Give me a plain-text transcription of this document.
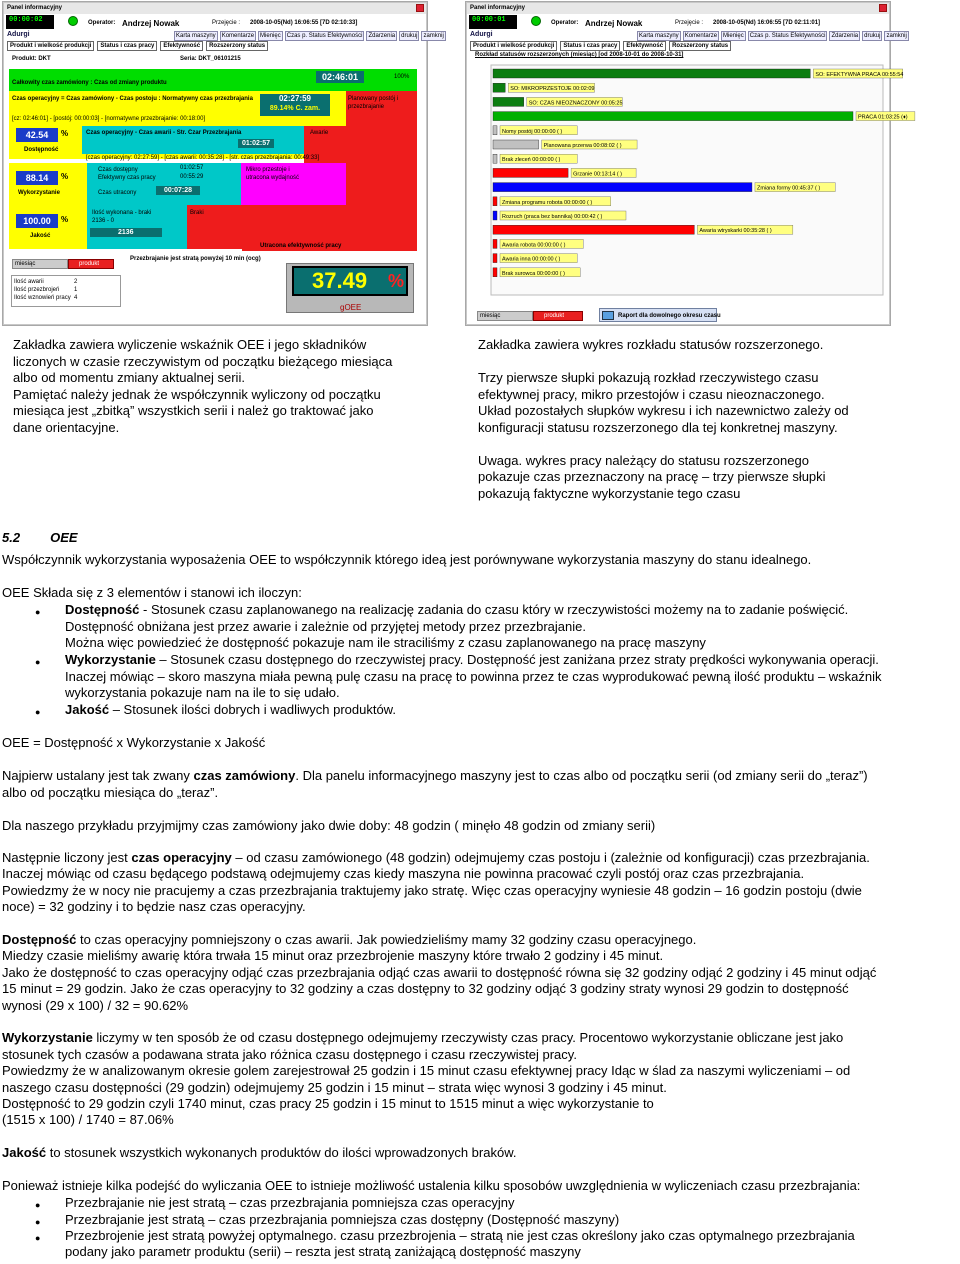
Panel informacyjny
00:00:02
zlr: 4
Operator: Andrzej Nowak	Przejęcie : 2008-10-05(Nd) 16:06:55 [7D 02:10:33]
Adurgi	Karta maszyny	Komentarze	Mienięc	Czas p. Status Efektywności	Zdarzenia	drukuj	zamknij
Produkt i wielkość produkcji	Status i czas pracy	Efektywność	Rozszerzony status
Produkt: DKT	Seria: DKT_06101215
Całkowity czas zamówiony : Czas od zmiany produktu
02:46:01	100%
Czas operacyjny = Czas zamówiony - Czas postoju : Normatywny czas przezbrajania	02:27:59
89.14% C. zam.
Planowany postój i przezbrajanie
[cz: 02:46:01] - [postój: 00:00:03] - [normatywne przezbrajanie: 00:18:00]
42.54	%
Dostępność
Czas operacyjny - Czas awarii - Str. Czar Przezbrajania
01:02:57
Awarie
[czas operacyjny: 02:27:59] - [czas awarii: 00:35:28] - [str. czas przezbrajania: 00:49:33]
88.14	%
Wykorzystanie
Czas dostępny	01:02:57
Efektywny czas pracy	00:55:29
Czas utracony	00:07:28
Mikro przestoje i utracona wydajność
100.00	%
Jakość
Ilość wykonana - braki
2136 - 0
2136
Braki
Utracona efektywność pracy
miesiąc	produkt
Przezbrajanie jest stratą powyżej 10 min (ocg)
Ilość awarii	2
Ilość przezbrojeń 1
Ilość wznowień pracy 4
37.49 %
gOEE
Panel informacyjny
00:00:01
zlr: 4
Operator: Andrzej Nowak	Przejęcie : 2008-10-05(Nd) 16:06:55 [7D 02:11:01]
Adurgi	Karta maszyny	Komentarze	Mienięc	Czas p. Status Efektywności	Zdarzenia	drukuj	zamknij
Produkt i wielkość produkcji	Status i czas pracy	Efektywność	Rozszerzony status
Rozkład statusów rozszerzonych (miesiąc) [od 2008-10-01 do 2008-10-31]
SO: EFEKTYWNA PRACA 00:55:54
SO: MIKROPRZESTOJE 00:02:09
SO: CZAS NIEOZNACZONY 00:05:25
PRACA 01:03:25 (♦)
Nomy postój 00:00:00 ( )
Planowana przerwa 00:08:02 ( )
Brak zleceń 00:00:00 ( )
Grzanie 00:13:14 ( )
Zmiana formy 00:45:37 ( )
Zmiana programu robota 00:00:00 ( )
Rozruch (praca bez bannika) 00:00:42 ( )
Awaria wtryskarki 00:35:28 ( )
Awaria robota 00:00:00 ( )
Awaria inna 00:00:00 ( )
Brak surowca 00:00:00 ( )
miesiąc	produkt	Raport dla dowolnego okresu czasu
Zakładka zawiera wyliczenie wskaźnik OEE i jego składników
liczonych w czasie rzeczywistym od początku bieżącego miesiąca
albo od momentu zmiany aktualnej serii.
Pamiętać należy jednak że współczynnik wyliczony od początku
miesiąca jest „zbitką” wszystkich serii i należ go traktować jako
dane orientacyjne.
Zakładka zawiera wykres rozkładu statusów rozszerzonego.
Trzy pierwsze słupki pokazują rozkład rzeczywistego czasu
efektywnej pracy, mikro przestojów i czasu nieoznaczonego.
Układ pozostałych słupków wykresu i ich nazewnictwo zależy od
konfiguracji statusu rozszerzonego dla tej konkretnej maszyny.
Uwaga. wykres pracy należący do statusu rozszerzonego
pokazuje czas przeznaczony na pracę – trzy pierwsze słupki
pokazują faktyczne wykorzystanie tego czasu
5.2 OEE
Współczynnik wykorzystania wyposażenia OEE to współczynnik którego ideą jest porównywane wykorzystania maszyny do stanu idealnego.
OEE Składa się z 3 elementów i stanowi ich iloczyn:
● Dostępność - Stosunek czasu zaplanowanego na realizację zadania do czasu który w rzeczywistości możemy na to zadanie poświęcić.
Dostępność obniżana jest przez awarie i zależnie od przyjętej metody przez przezbrajanie.
Można więc powiedzieć że dostępność pokazuje nam ile straciliśmy z czasu zaplanowanego na pracę maszyny
● Wykorzystanie – Stosunek czasu dostępnego do rzeczywistej pracy. Dostępność jest zaniżana przez straty prędkości wykonywania operacji.
Inaczej mówiąc – skoro maszyna miała pewną pulę czasu na pracę to powinna przez te czas wyprodukować pewną ilość produktu – wskaźnik
wykorzystania pokazuje nam na ile to się udało.
● Jakość – Stosunek ilości dobrych i wadliwych produktów.
OEE = Dostępność x Wykorzystanie x Jakość
Najpierw ustalany jest tak zwany czas zamówiony. Dla panelu informacyjnego maszyny jest to czas albo od początku serii (od zmiany serii do „teraz”)
albo od początku miesiąca do „teraz”.
Dla naszego przykładu przyjmijmy czas zamówiony jako dwie doby: 48 godzin ( minęło 48 godzin od zmiany serii)
Następnie liczony jest czas operacyjny – od czasu zamówionego (48 godzin) odejmujemy czas postoju i (zależnie od konfiguracji) czas przezbrajania.
Inaczej mówiąc od czasu będącego podstawą odejmujemy czas kiedy maszyna nie powinna pracować czyli postój oraz czas przezbrajania.
Powiedzmy że w nocy nie pracujemy a czas przezbrajania traktujemy jako stratę. Więc czas operacyjny wyniesie 48 godzin – 16 godzin postoju (dwie
noce) = 32 godziny i to będzie nasz czas operacyjny.
Dostępność to czas operacyjny pomniejszony o czas awarii. Jak powiedzieliśmy mamy 32 godziny czasu operacyjnego.
Miedzy czasie mieliśmy awarię która trwała 15 minut oraz przezbrojenie maszyny które trwało 2 godziny i 45 minut.
Jako że dostępność to czas operacyjny odjąć czas przezbrajania odjąć czas awarii to dostępność równa się 32 godziny odjąć 2 godziny i 45 minut odjąć
15 minut = 29 godzin. Jako że czas operacyjny to 32 godziny a czas dostępny to 32 godziny odjąć 3 godziny straty wynosi 29 godzin to dostępność
wynosi (29 x 100) / 32 = 90.62%
Wykorzystanie liczymy w ten sposób że od czasu dostępnego odejmujemy rzeczywisty czas pracy. Procentowo wykorzystanie obliczane jest jako
stosunek tych czasów a podawana strata jako różnica czasu dostępnego i czasu rzeczywistej pracy.
Powiedzmy że w analizowanym okresie golem zarejestrował 25 godzin i 15 minut czasu efektywnej pracy Idąc w ślad za naszymi wyliczeniami – od
naszego czasu dostępności (29 godzin) odejmujemy 25 godzin i 15 minut – strata więc wynosi 3 godziny i 45 minut.
Dostępność to 29 godzin czyli 1740 minut, czas pracy 25 godzin i 15 minut to 1515 minut a więc wykorzystanie to
(1515 x 100) / 1740 = 87.06%
Jakość to stosunek wszystkich wykonanych produktów do ilości wprowadzonych braków.
Ponieważ istnieje kilka podejść do wyliczania OEE to istnieje możliwość ustalenia kilku sposobów uwzględnienia w wyliczeniach czasu przezbrajania:
● Przezbrajanie nie jest stratą – czas przezbrajania pomniejsza czas operacyjny
● Przezbrajanie jest stratą – czas przezbrajania pomniejsza czas dostępny (Dostępność maszyny)
● Przezbrojenie jest stratą powyżej optymalnego. czasu przezbrojenia – stratą nie jest czas określony jako czas optymalnego przezbrajania
podany jako parametr produktu (serii) – reszta jest stratą zaniżającą dostępność maszyny
